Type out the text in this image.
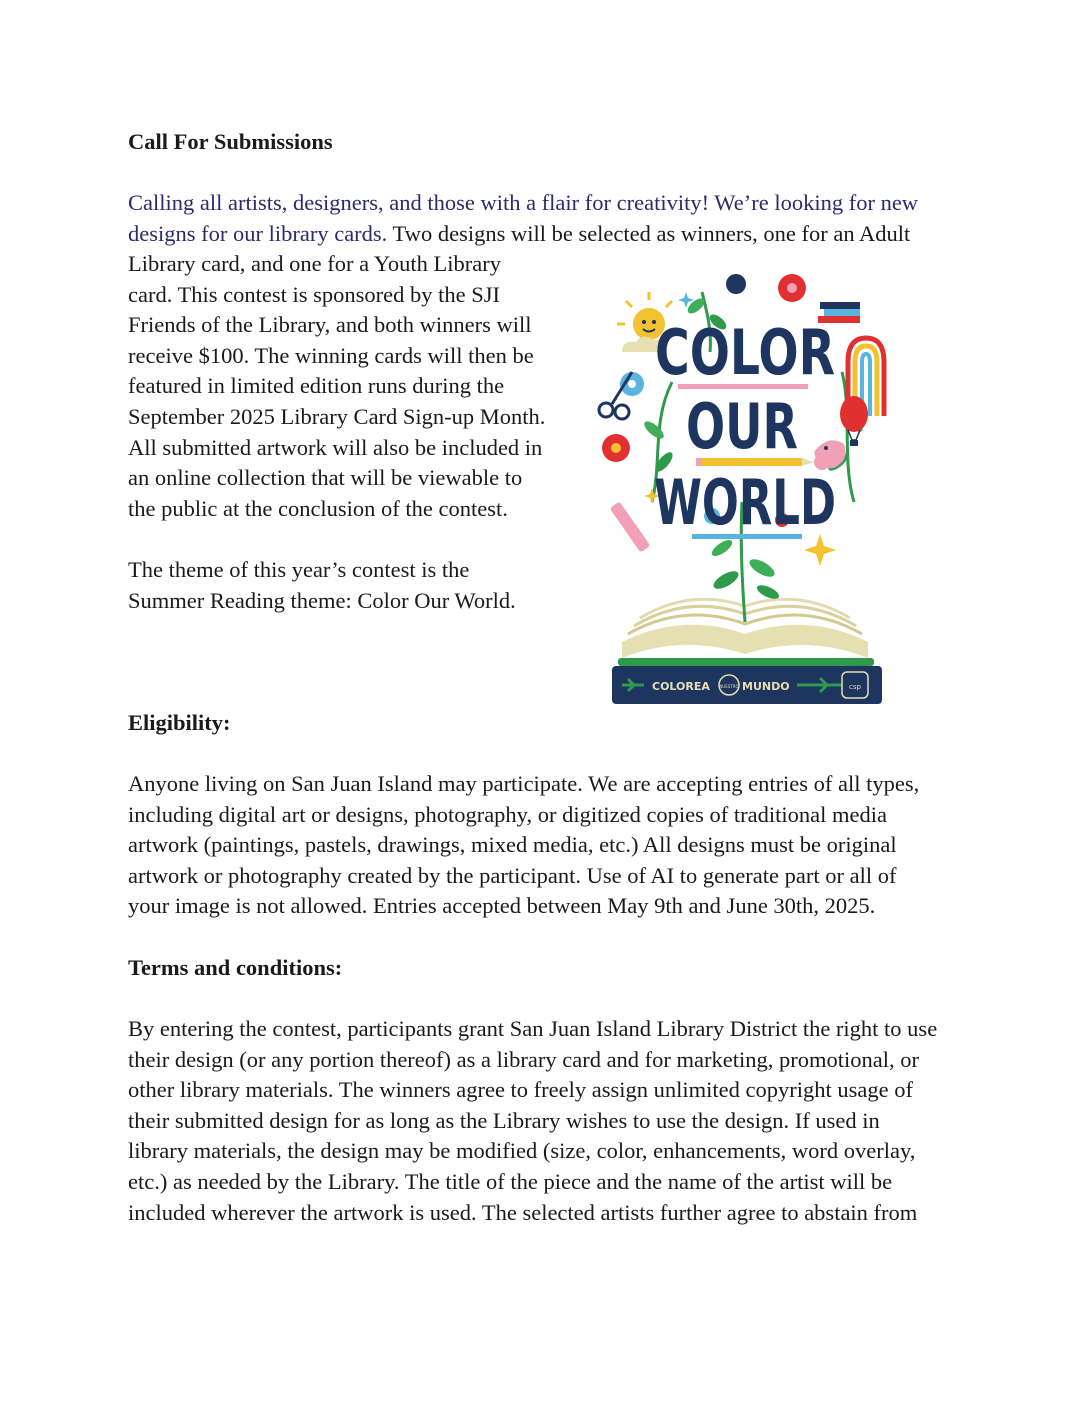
Call For Submissions

Calling all artists, designers, and those with a flair for creativity! We’re looking for new designs for our library cards. Two designs will be selected as winners, one for an Adult
Library card, and one for a Youth Library
card. This contest is sponsored by the SJI
Friends of the Library, and both winners will
receive $100. The winning cards will then be
featured in limited edition runs during the
September 2025 Library Card Sign-up Month.
All submitted artwork will also be included in
an online collection that will be viewable to
the public at the conclusion of the contest.
The theme of this year’s contest is the
Summer Reading theme: Color Our World.
COLOREA NUESTRO MUNDO	csp
COLOR
OUR
WORLD

Eligibility:

Anyone living on San Juan Island may participate. We are accepting entries of all types,
including digital art or designs, photography, or digitized copies of traditional media
artwork (paintings, pastels, drawings, mixed media, etc.) All designs must be original
artwork or photography created by the participant. Use of AI to generate part or all of
your image is not allowed. Entries accepted between May 9th and June 30th, 2025.

Terms and conditions:

By entering the contest, participants grant San Juan Island Library District the right to use
their design (or any portion thereof) as a library card and for marketing, promotional, or
other library materials. The winners agree to freely assign unlimited copyright usage of
their submitted design for as long as the Library wishes to use the design. If used in
library materials, the design may be modified (size, color, enhancements, word overlay,
etc.) as needed by the Library. The title of the piece and the name of the artist will be
included wherever the artwork is used. The selected artists further agree to abstain from
